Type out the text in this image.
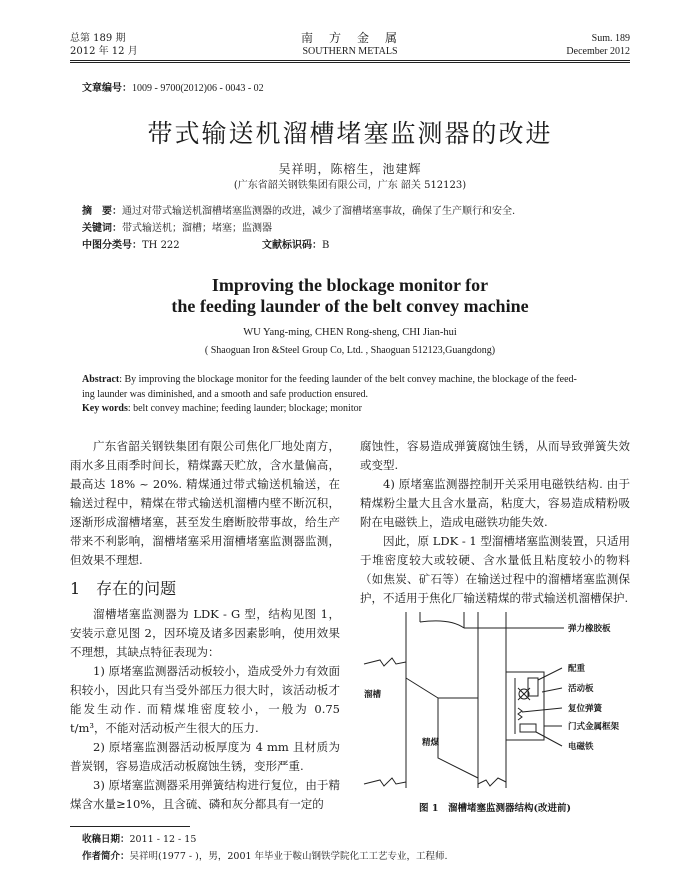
总第 189 期
2012 年 12 月
南　方　金　属
SOUTHERN METALS
Sum. 189
December 2012
文章编号：1009 - 9700(2012)06 - 0043 - 02
带式输送机溜槽堵塞监测器的改进
吴祥明，陈榕生，池建辉
(广东省韶关钢铁集团有限公司，广东 韶关 512123)
摘　要：通过对带式输送机溜槽堵塞监测器的改进，减少了溜槽堵塞事故，确保了生产顺行和安全.
关键词：带式输送机；溜槽；堵塞；监测器
中图分类号：TH 222	文献标识码：B
Improving the blockage monitor for
the feeding launder of the belt convey machine
WU Yang-ming, CHEN Rong-sheng, CHI Jian-hui
( Shaoguan Iron &Steel Group Co, Ltd. , Shaoguan 512123,Guangdong)
Abstract: By improving the blockage monitor for the feeding launder of the belt convey machine, the blockage of the feed-
ing launder was diminished, and a smooth and safe production ensured.
Key words: belt convey machine; feeding launder; blockage; monitor

广东省韶关钢铁集团有限公司焦化厂地处南方，雨水多且雨季时间长，精煤露天贮放，含水量偏高，最高达 18% ~ 20%. 精煤通过带式输送机输送，在输送过程中，精煤在带式输送机溜槽内壁不断沉积，逐渐形成溜槽堵塞，甚至发生磨断胶带事故，给生产带来不利影响，溜槽堵塞采用溜槽堵塞监测器监测，但效果不理想.

1　存在的问题

溜槽堵塞监测器为 LDK - G 型，结构见图 1，安装示意见图 2，因环境及诸多因素影响，使用效果不理想，其缺点特征表现为：

1) 原堵塞监测器活动板较小，造成受外力有效面积较小，因此只有当受外部压力很大时，该活动板才能发生动作. 而精煤堆密度较小，一般为 0.75 t/m³，不能对活动板产生很大的压力.

2) 原堵塞监测器活动板厚度为 4 mm 且材质为普炭钢，容易造成活动板腐蚀生锈，变形严重.

3) 原堵塞监测器采用弹簧结构进行复位，由于精煤含水量≥10%，且含硫、磷和灰分都具有一定的

腐蚀性，容易造成弹簧腐蚀生锈，从而导致弹簧失效或变型.

4) 原堵塞监测器控制开关采用电磁铁结构. 由于精煤粉尘量大且含水量高，粘度大，容易造成精粉吸附在电磁铁上，造成电磁铁功能失效.

因此，原 LDK - 1 型溜槽堵塞监测装置，只适用于堆密度较大或较硬、含水量低且粘度较小的物料（如焦炭、矿石等）在输送过程中的溜槽堵塞监测保护，不适用于焦化厂输送精煤的带式输送机溜槽保护.

弹力橡胶板
配重
活动板
复位弹簧
门式金属框架
电磁铁
溜槽
精煤
图 1　溜槽堵塞监测器结构(改进前)
收稿日期：2011 - 12 - 15
作者简介：吴祥明(1977 - )，男，2001 年毕业于鞍山钢铁学院化工工艺专业，工程师.
